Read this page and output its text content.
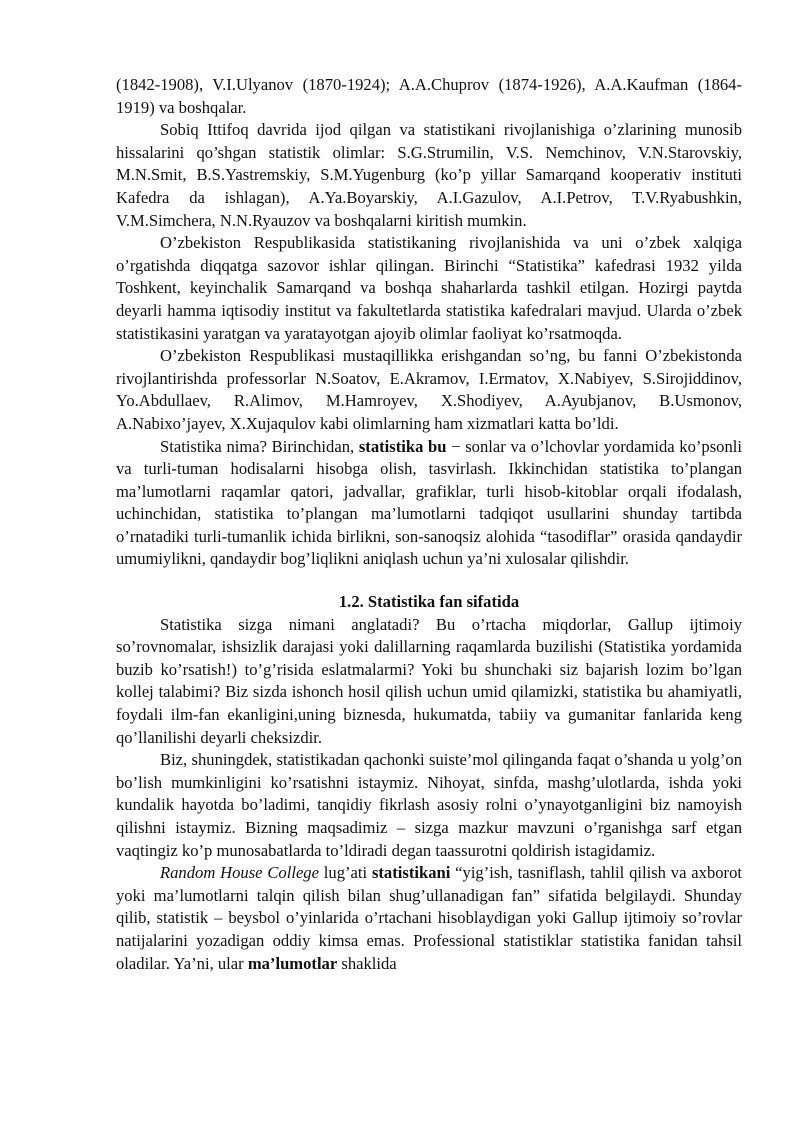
(1842-1908), V.I.Ulyanov (1870-1924); A.A.Chuprov (1874-1926), A.A.Kaufman (1864-1919) va boshqalar.

Sobiq Ittifoq davrida ijod qilgan va statistikani rivojlanishiga o’zlarining munosib hissalarini qo’shgan statistik olimlar: S.G.Strumilin, V.S. Nemchinov, V.N.Starovskiy, M.N.Smit, B.S.Yastremskiy, S.M.Yugenburg (ko’p yillar Samarqand kooperativ instituti Kafedra da ishlagan), A.Ya.Boyarskiy, A.I.Gazulov, A.I.Petrov, T.V.Ryabushkin, V.M.Simchera, N.N.Ryauzov va boshqalarni kiritish mumkin.

O’zbekiston Respublikasida statistikaning rivojlanishida va uni o’zbek xalqiga o’rgatishda diqqatga sazovor ishlar qilingan. Birinchi “Statistika” kafedrasi 1932 yilda Toshkent, keyinchalik Samarqand va boshqa shaharlarda tashkil etilgan. Hozirgi paytda deyarli hamma iqtisodiy institut va fakultetlarda statistika kafedralari mavjud. Ularda o’zbek statistikasini yaratgan va yaratayotgan ajoyib olimlar faoliyat ko’rsatmoqda.

O’zbekiston Respublikasi mustaqillikka erishgandan so’ng, bu fanni O’zbekistonda rivojlantirishda professorlar N.Soatov, E.Akramov, I.Ermatov, X.Nabiyev, S.Sirojiddinov, Yo.Abdullaev, R.Alimov, M.Hamroyev, X.Shodiyev, A.Ayubjanov, B.Usmonov, A.Nabixo’jayev, X.Xujaqulov kabi olimlarning ham xizmatlari katta bo’ldi.

Statistika nima? Birinchidan, statistika bu − sonlar va o’lchovlar yordamida ko’psonli va turli-tuman hodisalarni hisobga olish, tasvirlash. Ikkinchidan statistika to’plangan ma’lumotlarni raqamlar qatori, jadvallar, grafiklar, turli hisob-kitoblar orqali ifodalash, uchinchidan, statistika to’plangan ma’lumotlarni tadqiqot usullarini shunday tartibda o’rnatadiki turli-tumanlik ichida birlikni, son-sanoqsiz alohida “tasodiflar” orasida qandaydir umumiylikni, qandaydir bog’liqlikni aniqlash uchun ya’ni xulosalar qilishdir.

1.2. Statistika fan sifatida

Statistika sizga nimani anglatadi? Bu o’rtacha miqdorlar, Gallup ijtimoiy so’rovnomalar, ishsizlik darajasi yoki dalillarning raqamlarda buzilishi (Statistika yordamida buzib ko’rsatish!) to’g’risida eslatmalarmi? Yoki bu shunchaki siz bajarish lozim bo’lgan kollej talabimi? Biz sizda ishonch hosil qilish uchun umid qilamizki, statistika bu ahamiyatli, foydali ilm-fan ekanligini,uning biznesda, hukumatda, tabiiy va gumanitar fanlarida keng qo’llanilishi deyarli cheksizdir.

Biz, shuningdek, statistikadan qachonki suiste’mol qilinganda faqat o’shanda u yolg’on bo’lish mumkinligini ko’rsatishni istaymiz. Nihoyat, sinfda, mashg’ulotlarda, ishda yoki kundalik hayotda bo’ladimi, tanqidiy fikrlash asosiy rolni o’ynayotganligini biz namoyish qilishni istaymiz. Bizning maqsadimiz – sizga mazkur mavzuni o’rganishga sarf etgan vaqtingiz ko’p munosabatlarda to’ldiradi degan taassurotni qoldirish istagidamiz.

Random House College lug’ati statistikani “yig’ish, tasniflash, tahlil qilish va axborot yoki ma’lumotlarni talqin qilish bilan shug’ullanadigan fan” sifatida belgilaydi. Shunday qilib, statistik – beysbol o’yinlarida o’rtachani hisoblaydigan yoki Gallup ijtimoiy so’rovlar natijalarini yozadigan oddiy kimsa emas. Professional statistiklar statistika fanidan tahsil oladilar. Ya’ni, ular ma’lumotlar shaklida
